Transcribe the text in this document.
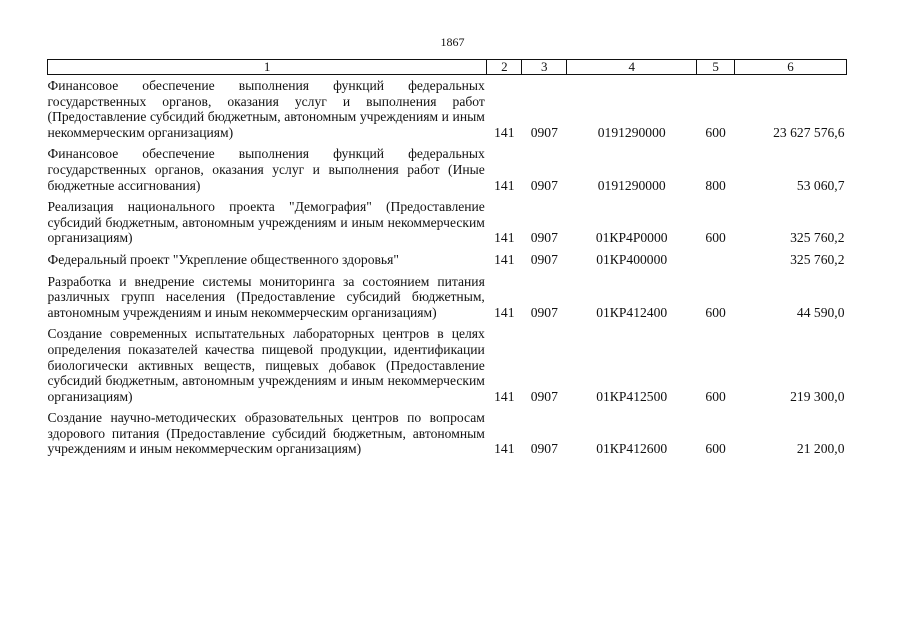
1867
1	2	3	4	5	6
Финансовое обеспечение выполнения функций федеральных государственных органов, оказания услуг и выполнения работ (Предоставление субсидий бюджетным, автономным учреждениям и иным некоммерческим организациям)	141	0907	0191290000	600	23 627 576,6
Финансовое обеспечение выполнения функций федеральных государственных органов, оказания услуг и выполнения работ (Иные бюджетные ассигнования)	141	0907	0191290000	800	53 060,7
Реализация национального проекта "Демография" (Предоставление субсидий бюджетным, автономным учреждениям и иным некоммерческим организациям)	141	0907	01КР4Р0000	600	325 760,2
Федеральный проект "Укрепление общественного здоровья"	141	0907	01КР400000		325 760,2
Разработка и внедрение системы мониторинга за состоянием питания различных групп населения (Предоставление субсидий бюджетным, автономным учреждениям и иным некоммерческим организациям)	141	0907	01КР412400	600	44 590,0
Создание современных испытательных лабораторных центров в целях определения показателей качества пищевой продукции, идентификации биологически активных веществ, пищевых добавок (Предоставление субсидий бюджетным, автономным учреждениям и иным некоммерческим организациям)	141	0907	01КР412500	600	219 300,0
Создание научно-методических образовательных центров по вопросам здорового питания (Предоставление субсидий бюджетным, автономным учреждениям и иным некоммерческим организациям)	141	0907	01КР412600	600	21 200,0
